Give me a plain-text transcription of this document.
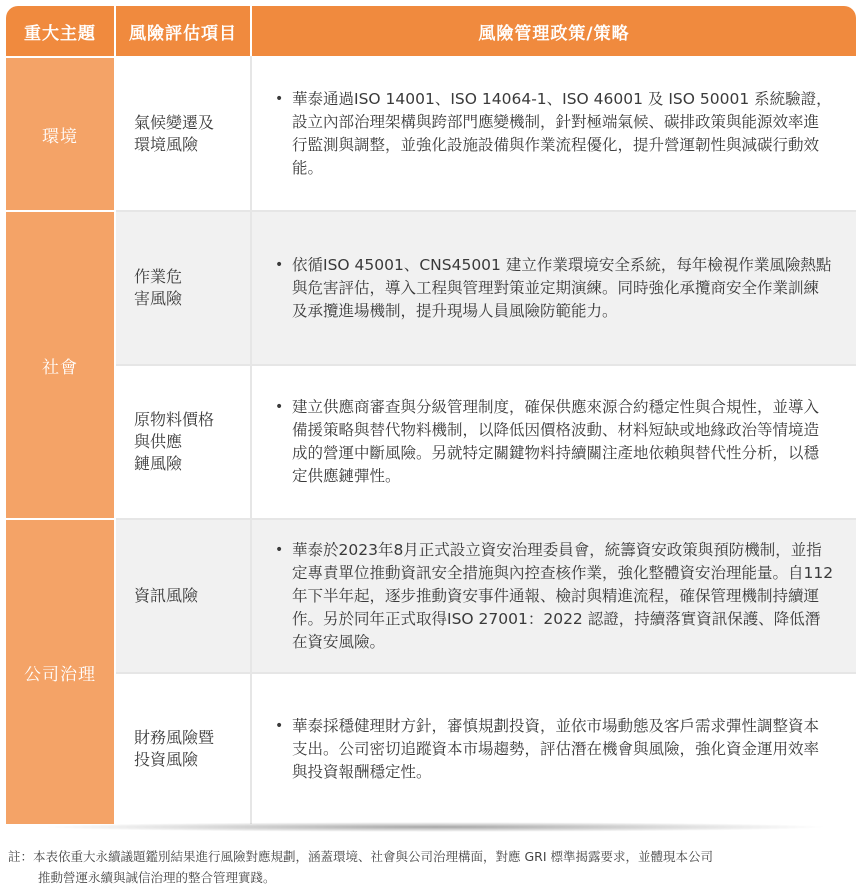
重大主題	風險評估項目	風險管理政策/策略
環境
社會
公司治理
氣候變遷及
環境風險
• 華泰通過ISO 14001、ISO 14064-1、ISO 46001 及 ISO 50001 系統驗證，設立內部治理架構與跨部門應變機制，針對極端氣候、碳排政策與能源效率進行監測與調整，並強化設施設備與作業流程優化，提升營運韌性與減碳行動效能。
作業危
害風險
• 依循ISO 45001、CNS45001 建立作業環境安全系統，每年檢視作業風險熱點與危害評估，導入工程與管理對策並定期演練。同時強化承攬商安全作業訓練及承攬進場機制，提升現場人員風險防範能力。
原物料價格
與供應
鏈風險
• 建立供應商審查與分級管理制度，確保供應來源合約穩定性與合規性，並導入備援策略與替代物料機制，以降低因價格波動、材料短缺或地緣政治等情境造成的營運中斷風險。另就特定關鍵物料持續關注產地依賴與替代性分析，以穩定供應鏈彈性。
資訊風險
• 華泰於2023年8月正式設立資安治理委員會，統籌資安政策與預防機制，並指定專責單位推動資訊安全措施與內控查核作業，強化整體資安治理能量。自112年下半年起，逐步推動資安事件通報、檢討與精進流程，確保管理機制持續運作。另於同年正式取得ISO 27001：2022 認證，持續落實資訊保護、降低潛在資安風險。
財務風險暨
投資風險
• 華泰採穩健理財方針，審慎規劃投資，並依市場動態及客戶需求彈性調整資本支出。公司密切追蹤資本市場趨勢，評估潛在機會與風險，強化資金運用效率與投資報酬穩定性。
註：本表依重大永續議題鑑別結果進行風險對應規劃，涵蓋環境、社會與公司治理構面，對應 GRI 標準揭露要求，並體現本公司
推動營運永續與誠信治理的整合管理實踐。
